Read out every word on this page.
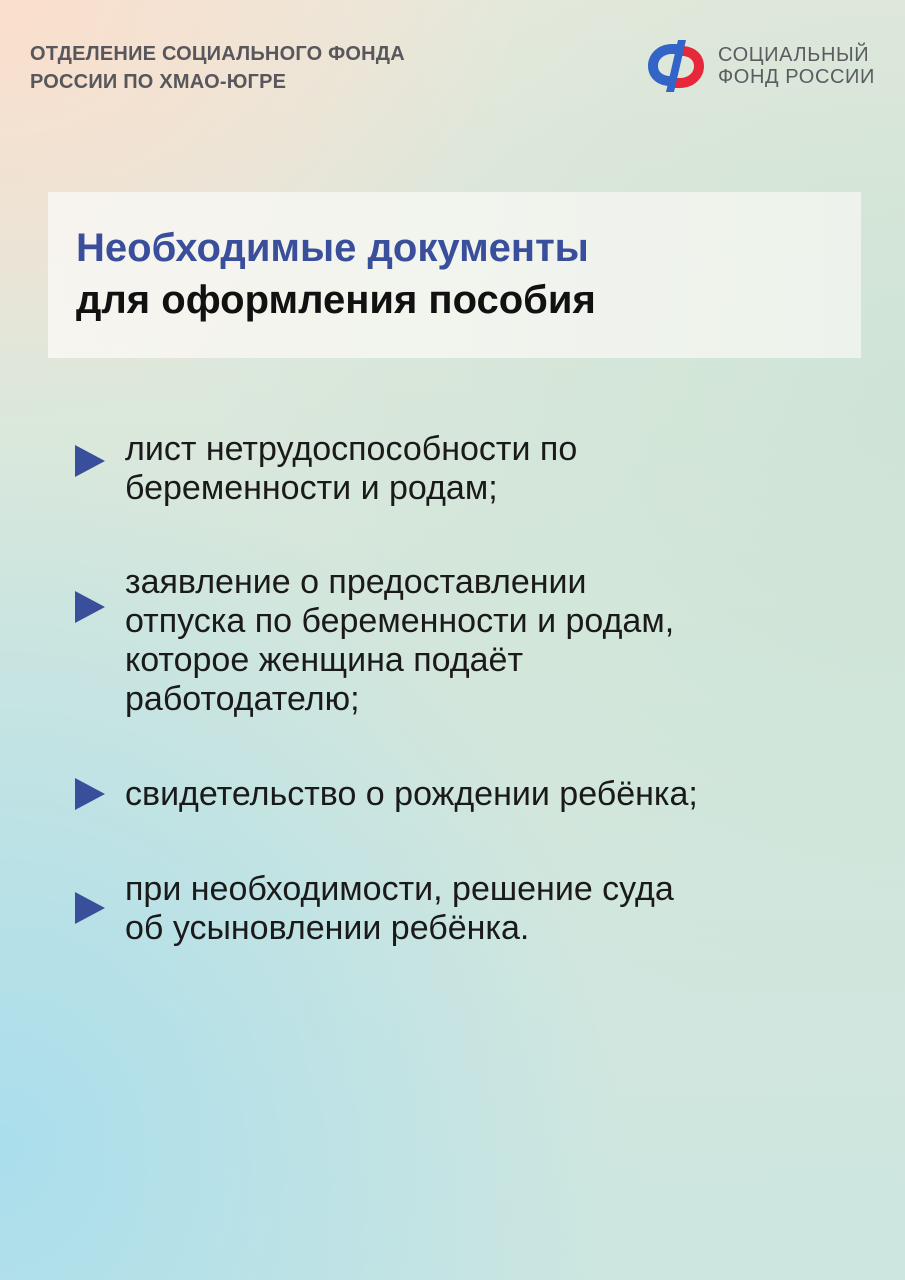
ОТДЕЛЕНИЕ СОЦИАЛЬНОГО ФОНДА
РОССИИ ПО ХМАО-ЮГРЕ
СОЦИАЛЬНЫЙ
ФОНД РОССИИ
Необходимые документы
для оформления пособия
лист нетрудоспособности по
беременности и родам;
заявление о предоставлении
отпуска по беременности и родам,
которое женщина подаёт
работодателю;
свидетельство о рождении ребёнка;
при необходимости, решение суда
об усыновлении ребёнка.
